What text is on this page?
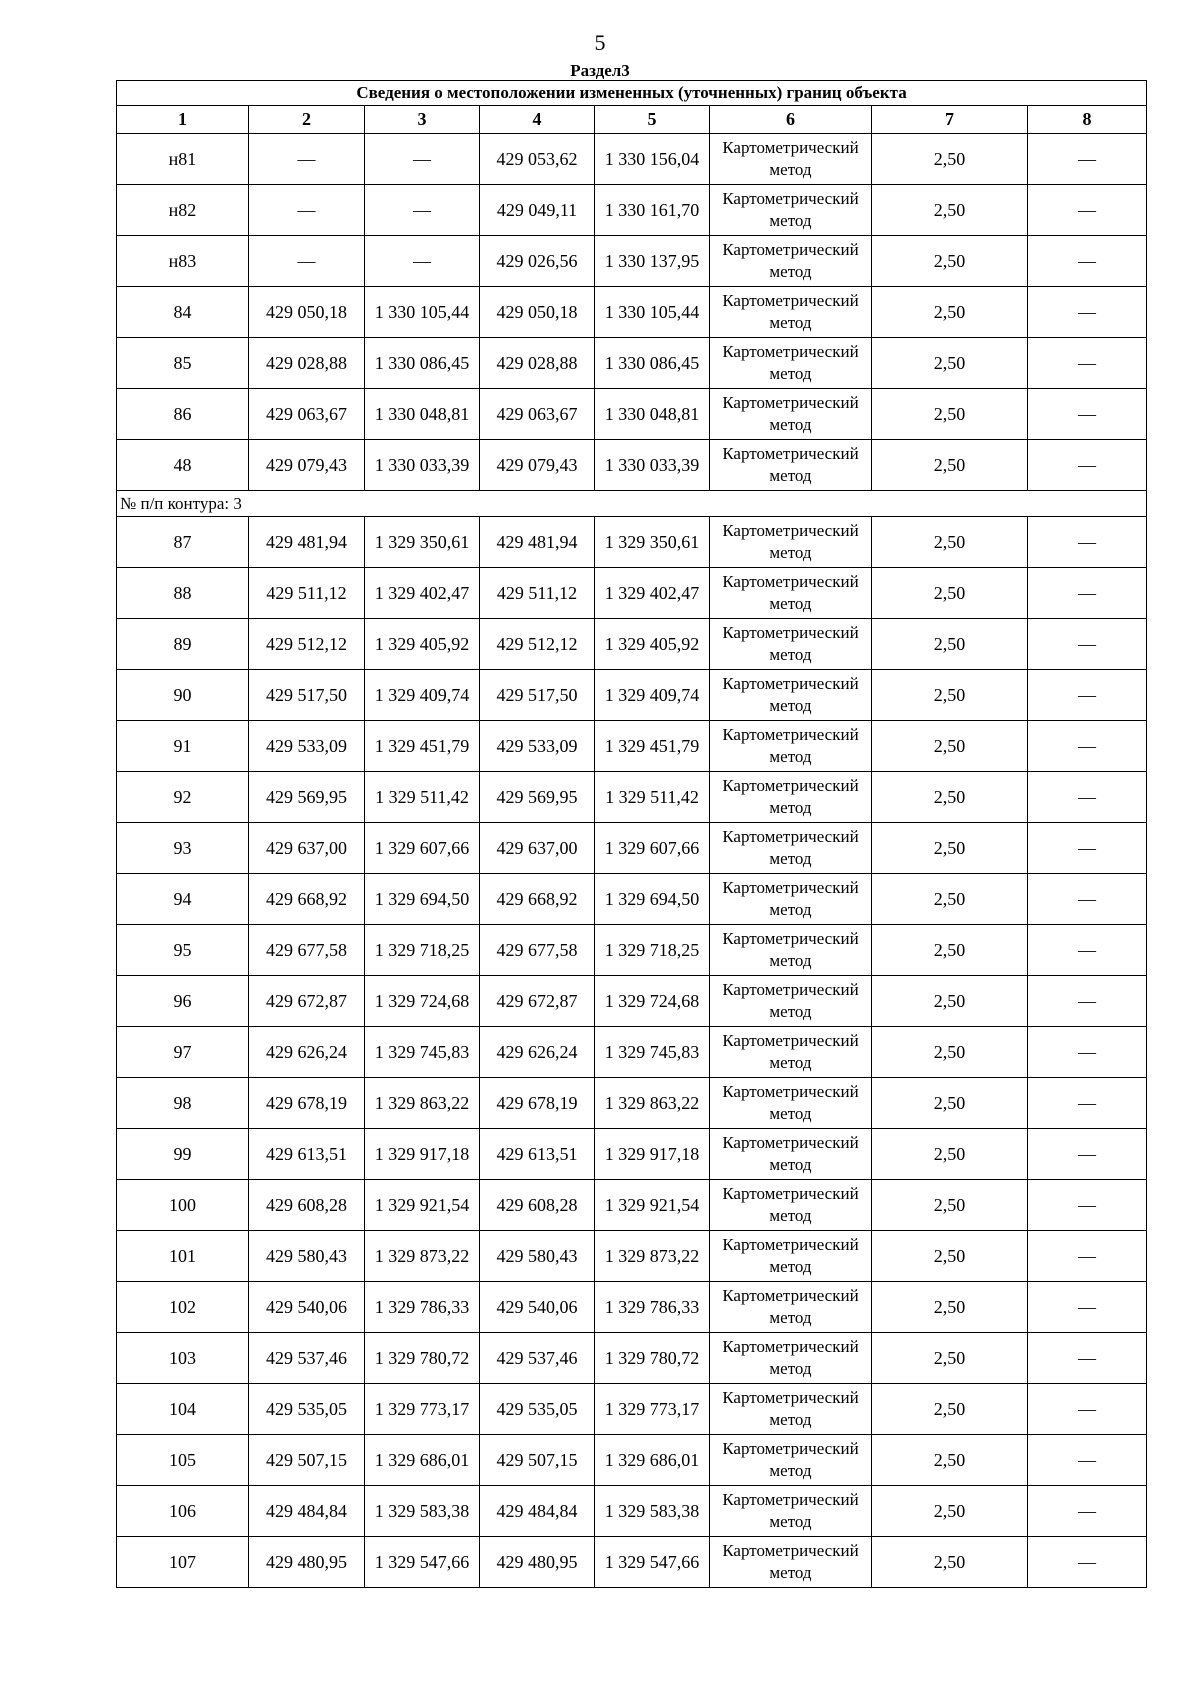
5
Раздел3
Сведения о местоположении измененных (уточненных) границ объекта							
1	2	3	4	5	6	7	8
н81	—	—	429 053,62	1 330 156,04	Картометрический метод	2,50	—
н82	—	—	429 049,11	1 330 161,70	Картометрический метод	2,50	—
н83	—	—	429 026,56	1 330 137,95	Картометрический метод	2,50	—
84	429 050,18	1 330 105,44	429 050,18	1 330 105,44	Картометрический метод	2,50	—
85	429 028,88	1 330 086,45	429 028,88	1 330 086,45	Картометрический метод	2,50	—
86	429 063,67	1 330 048,81	429 063,67	1 330 048,81	Картометрический метод	2,50	—
48	429 079,43	1 330 033,39	429 079,43	1 330 033,39	Картометрический метод	2,50	—
№ п/п контура: 3							
87	429 481,94	1 329 350,61	429 481,94	1 329 350,61	Картометрический метод	2,50	—
88	429 511,12	1 329 402,47	429 511,12	1 329 402,47	Картометрический метод	2,50	—
89	429 512,12	1 329 405,92	429 512,12	1 329 405,92	Картометрический метод	2,50	—
90	429 517,50	1 329 409,74	429 517,50	1 329 409,74	Картометрический метод	2,50	—
91	429 533,09	1 329 451,79	429 533,09	1 329 451,79	Картометрический метод	2,50	—
92	429 569,95	1 329 511,42	429 569,95	1 329 511,42	Картометрический метод	2,50	—
93	429 637,00	1 329 607,66	429 637,00	1 329 607,66	Картометрический метод	2,50	—
94	429 668,92	1 329 694,50	429 668,92	1 329 694,50	Картометрический метод	2,50	—
95	429 677,58	1 329 718,25	429 677,58	1 329 718,25	Картометрический метод	2,50	—
96	429 672,87	1 329 724,68	429 672,87	1 329 724,68	Картометрический метод	2,50	—
97	429 626,24	1 329 745,83	429 626,24	1 329 745,83	Картометрический метод	2,50	—
98	429 678,19	1 329 863,22	429 678,19	1 329 863,22	Картометрический метод	2,50	—
99	429 613,51	1 329 917,18	429 613,51	1 329 917,18	Картометрический метод	2,50	—
100	429 608,28	1 329 921,54	429 608,28	1 329 921,54	Картометрический метод	2,50	—
101	429 580,43	1 329 873,22	429 580,43	1 329 873,22	Картометрический метод	2,50	—
102	429 540,06	1 329 786,33	429 540,06	1 329 786,33	Картометрический метод	2,50	—
103	429 537,46	1 329 780,72	429 537,46	1 329 780,72	Картометрический метод	2,50	—
104	429 535,05	1 329 773,17	429 535,05	1 329 773,17	Картометрический метод	2,50	—
105	429 507,15	1 329 686,01	429 507,15	1 329 686,01	Картометрический метод	2,50	—
106	429 484,84	1 329 583,38	429 484,84	1 329 583,38	Картометрический метод	2,50	—
107	429 480,95	1 329 547,66	429 480,95	1 329 547,66	Картометрический метод	2,50	—
